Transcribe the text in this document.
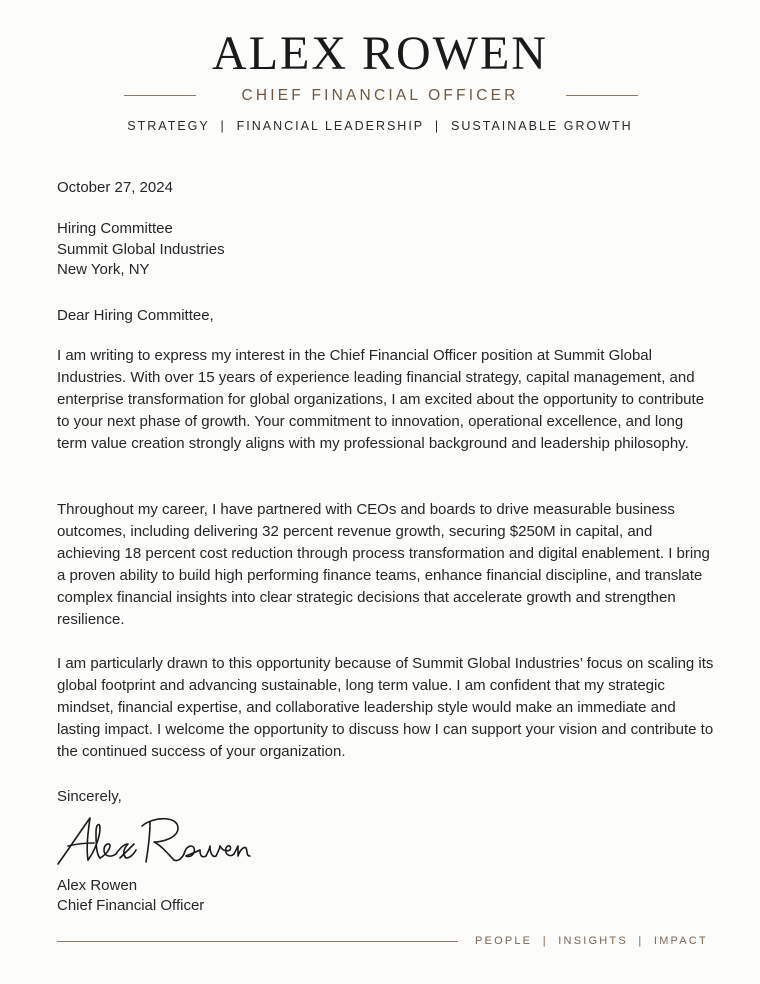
ALEX ROWEN
CHIEF FINANCIAL OFFICER
STRATEGY  |  FINANCIAL LEADERSHIP  |  SUSTAINABLE GROWTH
October 27, 2024
Hiring Committee
Summit Global Industries
New York, NY
Dear Hiring Committee,

I am writing to express my interest in the Chief Financial Officer position at Summit Global Industries. With over 15 years of experience leading financial strategy, capital management, and enterprise transformation for global organizations, I am excited about the opportunity to contribute to your next phase of growth. Your commitment to innovation, operational excellence, and long term value creation strongly aligns with my professional background and leadership philosophy.

Throughout my career, I have partnered with CEOs and boards to drive measurable business outcomes, including delivering 32 percent revenue growth, securing $250M in capital, and achieving 18 percent cost reduction through process transformation and digital enablement. I bring a proven ability to build high performing finance teams, enhance financial discipline, and translate complex financial insights into clear strategic decisions that accelerate growth and strengthen resilience.

I am particularly drawn to this opportunity because of Summit Global Industries’ focus on scaling its global footprint and advancing sustainable, long term value. I am confident that my strategic mindset, financial expertise, and collaborative leadership style would make an immediate and lasting impact. I welcome the opportunity to discuss how I can support your vision and contribute to the continued success of your organization.

Sincerely,
Alex Rowen
Chief Financial Officer
PEOPLE  |  INSIGHTS  |  IMPACT
